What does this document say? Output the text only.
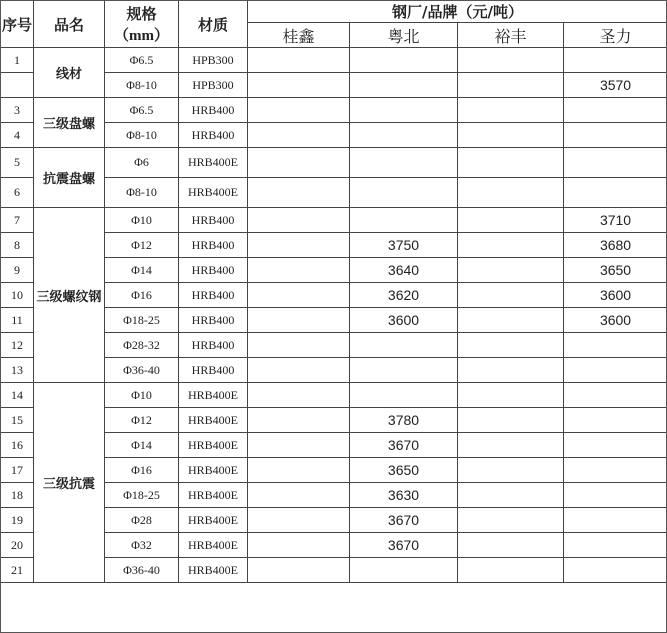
序号	品名	规格
（mm）	材质	钢厂/品牌（元/吨）			
				桂鑫	粤北	裕丰	圣力
1	线材	Φ6.5	HPB300				
		Φ8-10	HPB300				3570
3	三级盘螺	Φ6.5	HRB400				
4		Φ8-10	HRB400				
5	抗震盘螺	Φ6	HRB400E				
6		Φ8-10	HRB400E				
7	三级螺纹钢	Φ10	HRB400				3710
8		Φ12	HRB400		3750		3680
9		Φ14	HRB400		3640		3650
10		Φ16	HRB400		3620		3600
11		Φ18-25	HRB400		3600		3600
12		Φ28-32	HRB400				
13		Φ36-40	HRB400				
14	三级抗震	Φ10	HRB400E				
15		Φ12	HRB400E		3780		
16		Φ14	HRB400E		3670		
17		Φ16	HRB400E		3650		
18		Φ18-25	HRB400E		3630		
19		Φ28	HRB400E		3670		
20		Φ32	HRB400E		3670		
21		Φ36-40	HRB400E				
